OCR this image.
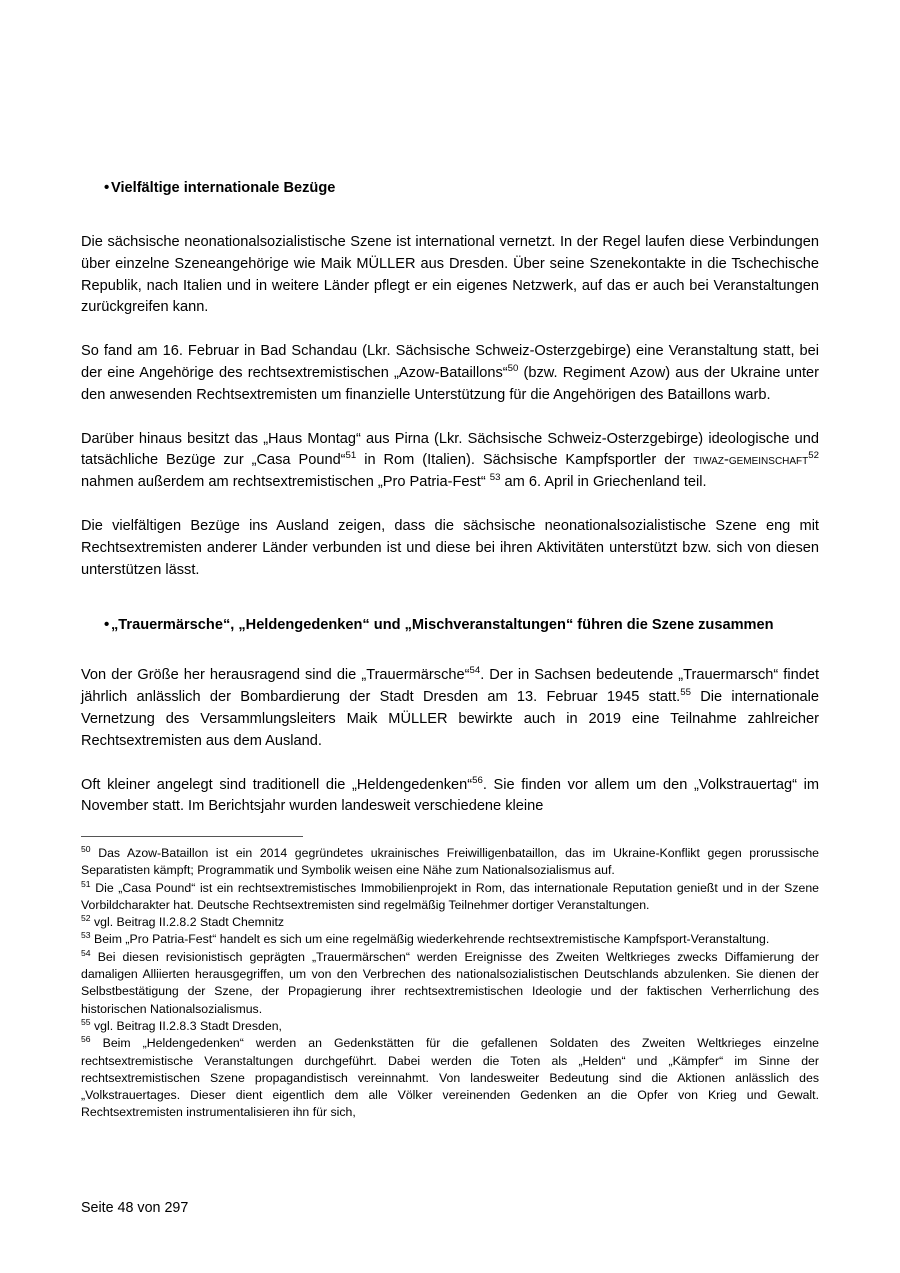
• Vielfältige internationale Bezüge

Die sächsische neonationalsozialistische Szene ist international vernetzt. In der Regel laufen diese Verbindungen über einzelne Szeneangehörige wie Maik MÜLLER aus Dresden. Über seine Szenekontakte in die Tschechische Republik, nach Italien und in weitere Länder pflegt er ein eigenes Netzwerk, auf das er auch bei Veranstaltungen zurückgreifen kann.

So fand am 16. Februar in Bad Schandau (Lkr. Sächsische Schweiz-Osterzgebirge) eine Veranstaltung statt, bei der eine Angehörige des rechtsextremistischen „Azow-Bataillons“$^{50}$ (bzw. Regiment Azow) aus der Ukraine unter den anwesenden Rechtsextremisten um finanzielle Unterstützung für die Angehörigen des Bataillons warb.

Darüber hinaus besitzt das „Haus Montag“ aus Pirna (Lkr. Sächsische Schweiz-Osterzgebirge) ideologische und tatsächliche Bezüge zur „Casa Pound“$^{51}$ in Rom (Italien). Sächsische Kampfsportler der tiwaz-gemeinschaft$^{52}$ nahmen außerdem am rechtsextremistischen „Pro Patria-Fest“ $^{53}$ am 6. April in Griechenland teil.

Die vielfältigen Bezüge ins Ausland zeigen, dass die sächsische neonationalsozialistische Szene eng mit Rechtsextremisten anderer Länder verbunden ist und diese bei ihren Aktivitäten unterstützt bzw. sich von diesen unterstützen lässt.

• „Trauermärsche“, „Heldengedenken“ und „Mischveranstaltungen“ führen die Szene zusammen

Von der Größe her herausragend sind die „Trauermärsche“$^{54}$. Der in Sachsen bedeutende „Trauermarsch“ findet jährlich anlässlich der Bombardierung der Stadt Dresden am 13. Februar 1945 statt.$^{55}$ Die internationale Vernetzung des Versammlungsleiters Maik MÜLLER bewirkte auch in 2019 eine Teilnahme zahlreicher Rechtsextremisten aus dem Ausland.

Oft kleiner angelegt sind traditionell die „Heldengedenken“$^{56}$. Sie finden vor allem um den „Volkstrauertag“ im November statt. Im Berichtsjahr wurden landesweit verschiedene kleine

$^{50}$ Das Azow-Bataillon ist ein 2014 gegründetes ukrainisches Freiwilligenbataillon, das im Ukraine-Konflikt gegen prorussische Separatisten kämpft; Programmatik und Symbolik weisen eine Nähe zum Nationalsozialismus auf.

$^{51}$ Die „Casa Pound“ ist ein rechtsextremistisches Immobilienprojekt in Rom, das internationale Reputation genießt und in der Szene Vorbildcharakter hat. Deutsche Rechtsextremisten sind regelmäßig Teilnehmer dortiger Veranstaltungen.

$^{52}$ vgl. Beitrag II.2.8.2 Stadt Chemnitz

$^{53}$ Beim „Pro Patria-Fest“ handelt es sich um eine regelmäßig wiederkehrende rechtsextremistische Kampfsport-Veranstaltung.

$^{54}$ Bei diesen revisionistisch geprägten „Trauermärschen“ werden Ereignisse des Zweiten Weltkrieges zwecks Diffamierung der damaligen Alliierten herausgegriffen, um von den Verbrechen des nationalsozialistischen Deutschlands abzulenken. Sie dienen der Selbstbestätigung der Szene, der Propagierung ihrer rechtsextremistischen Ideologie und der faktischen Verherrlichung des historischen Nationalsozialismus.

$^{55}$ vgl. Beitrag II.2.8.3 Stadt Dresden,

$^{56}$ Beim „Heldengedenken“ werden an Gedenkstätten für die gefallenen Soldaten des Zweiten Weltkrieges einzelne rechtsextremistische Veranstaltungen durchgeführt. Dabei werden die Toten als „Helden“ und „Kämpfer“ im Sinne der rechtsextremistischen Szene propagandistisch vereinnahmt. Von landesweiter Bedeutung sind die Aktionen anlässlich des „Volkstrauertages. Dieser dient eigentlich dem alle Völker vereinenden Gedenken an die Opfer von Krieg und Gewalt. Rechtsextremisten instrumentalisieren ihn für sich,

Seite 48 von 297
